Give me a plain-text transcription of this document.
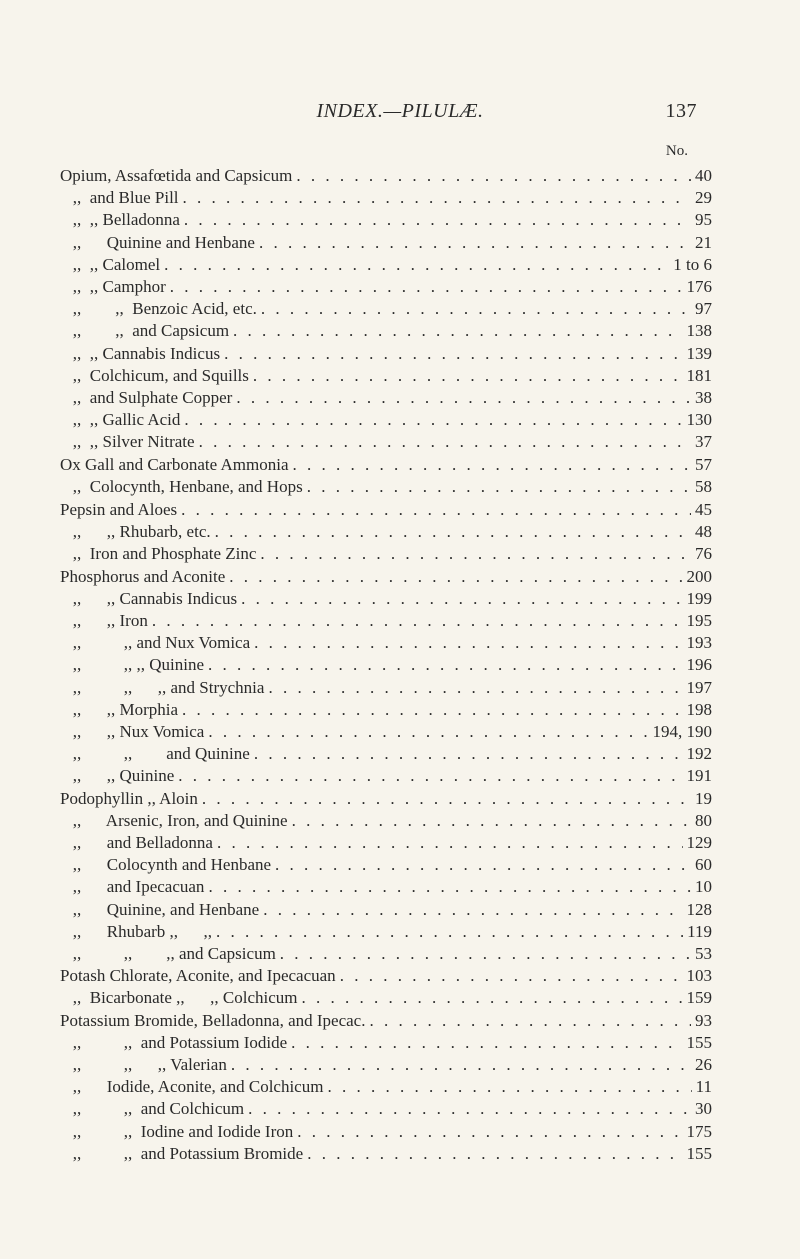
INDEX.—PILULÆ.	137
No.
Opium, Assafœtida and Capsicum . . .	40
,,  and Blue Pill . . .	29
,,  ,, Belladonna . . .	95
,,      Quinine and Henbane . . .	21
,,  ,, Calomel . . .	1 to 6
,,  ,, Camphor . . .	176
,,        ,,  Benzoic Acid, etc. . . .	97
,,        ,,  and Capsicum . . .	138
,,  ,, Cannabis Indicus . . .	139
,,  Colchicum, and Squills . . .	181
,,  and Sulphate Copper . . .	38
,,  ,, Gallic Acid . . .	130
,,  ,, Silver Nitrate . . .	37
Ox Gall and Carbonate Ammonia . . .	57
,,  Colocynth, Henbane, and Hops . . .	58
Pepsin and Aloes . . .	45
,,      ,, Rhubarb, etc. . . .	48
,,  Iron and Phosphate Zinc . . .	76
Phosphorus and Aconite . . .	200
,,      ,, Cannabis Indicus . . .	199
,,      ,, Iron . . .	195
,,          ,, and Nux Vomica . . .	193
,,          ,, ,, Quinine . . .	196
,,          ,,      ,, and Strychnia . . .	197
,,      ,, Morphia . . .	198
,,      ,, Nux Vomica . . .	194, 190
,,          ,,        and Quinine . . .	192
,,      ,, Quinine . . .	191
Podophyllin ,, Aloin . . .	19
,,      Arsenic, Iron, and Quinine . . .	80
,,      and Belladonna . . .	129
,,      Colocynth and Henbane . . .	60
,,      and Ipecacuan . . .	10
,,      Quinine, and Henbane . . .	128
,,      Rhubarb ,,      ,, . . .	119
,,          ,,        ,, and Capsicum . . .	53
Potash Chlorate, Aconite, and Ipecacuan . . .	103
,,  Bicarbonate ,,      ,, Colchicum . . .	159
Potassium Bromide, Belladonna, and Ipecac. . . .	93
,,          ,,  and Potassium Iodide . . .	155
,,          ,,      ,, Valerian . . .	26
,,      Iodide, Aconite, and Colchicum . . .	11
,,          ,,  and Colchicum . . .	30
,,          ,,  Iodine and Iodide Iron . . .	175
,,          ,,  and Potassium Bromide . . .	155
